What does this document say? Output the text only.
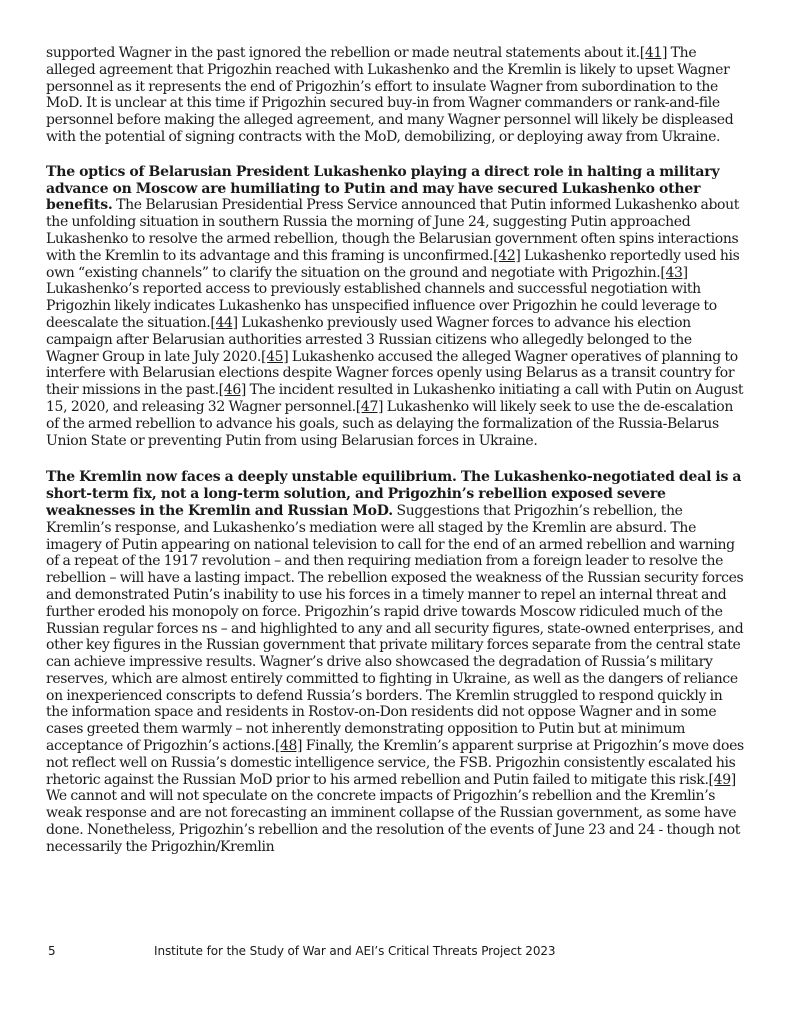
supported Wagner in the past ignored the rebellion or made neutral statements about it.[41] The alleged agreement that Prigozhin reached with Lukashenko and the Kremlin is likely to upset Wagner personnel as it represents the end of Prigozhin’s effort to insulate Wagner from subordination to the MoD. It is unclear at this time if Prigozhin secured buy-in from Wagner commanders or rank-and-file personnel before making the alleged agreement, and many Wagner personnel will likely be displeased with the potential of signing contracts with the MoD, demobilizing, or deploying away from Ukraine.

The optics of Belarusian President Lukashenko playing a direct role in halting a military advance on Moscow are humiliating to Putin and may have secured Lukashenko other benefits. The Belarusian Presidential Press Service announced that Putin informed Lukashenko about the unfolding situation in southern Russia the morning of June 24, suggesting Putin approached Lukashenko to resolve the armed rebellion, though the Belarusian government often spins interactions with the Kremlin to its advantage and this framing is unconfirmed.[42] Lukashenko reportedly used his own “existing channels” to clarify the situation on the ground and negotiate with Prigozhin.[43] Lukashenko’s reported access to previously established channels and successful negotiation with Prigozhin likely indicates Lukashenko has unspecified influence over Prigozhin he could leverage to deescalate the situation.[44] Lukashenko previously used Wagner forces to advance his election campaign after Belarusian authorities arrested 3 Russian citizens who allegedly belonged to the Wagner Group in late July 2020.[45] Lukashenko accused the alleged Wagner operatives of planning to interfere with Belarusian elections despite Wagner forces openly using Belarus as a transit country for their missions in the past.[46] The incident resulted in Lukashenko initiating a call with Putin on August 15, 2020, and releasing 32 Wagner personnel.[47] Lukashenko will likely seek to use the de-escalation of the armed rebellion to advance his goals, such as delaying the formalization of the Russia-Belarus Union State or preventing Putin from using Belarusian forces in Ukraine.

The Kremlin now faces a deeply unstable equilibrium. The Lukashenko-negotiated deal is a short-term fix, not a long-term solution, and Prigozhin’s rebellion exposed severe weaknesses in the Kremlin and Russian MoD. Suggestions that Prigozhin’s rebellion, the Kremlin’s response, and Lukashenko’s mediation were all staged by the Kremlin are absurd. The imagery of Putin appearing on national television to call for the end of an armed rebellion and warning of a repeat of the 1917 revolution – and then requiring mediation from a foreign leader to resolve the rebellion – will have a lasting impact. The rebellion exposed the weakness of the Russian security forces and demonstrated Putin’s inability to use his forces in a timely manner to repel an internal threat and further eroded his monopoly on force. Prigozhin’s rapid drive towards Moscow ridiculed much of the Russian regular forces ns – and highlighted to any and all security figures, state-owned enterprises, and other key figures in the Russian government that private military forces separate from the central state can achieve impressive results. Wagner’s drive also showcased the degradation of Russia’s military reserves, which are almost entirely committed to fighting in Ukraine, as well as the dangers of reliance on inexperienced conscripts to defend Russia’s borders. The Kremlin struggled to respond quickly in the information space and residents in Rostov-on-Don residents did not oppose Wagner and in some cases greeted them warmly – not inherently demonstrating opposition to Putin but at minimum acceptance of Prigozhin’s actions.[48] Finally, the Kremlin’s apparent surprise at Prigozhin’s move does not reflect well on Russia’s domestic intelligence service, the FSB. Prigozhin consistently escalated his rhetoric against the Russian MoD prior to his armed rebellion and Putin failed to mitigate this risk.[49] We cannot and will not speculate on the concrete impacts of Prigozhin’s rebellion and the Kremlin’s weak response and are not forecasting an imminent collapse of the Russian government, as some have done. Nonetheless, Prigozhin’s rebellion and the resolution of the events of June 23 and 24 - though not necessarily the Prigozhin/Kremlin

5	Institute for the Study of War and AEI’s Critical Threats Project 2023
